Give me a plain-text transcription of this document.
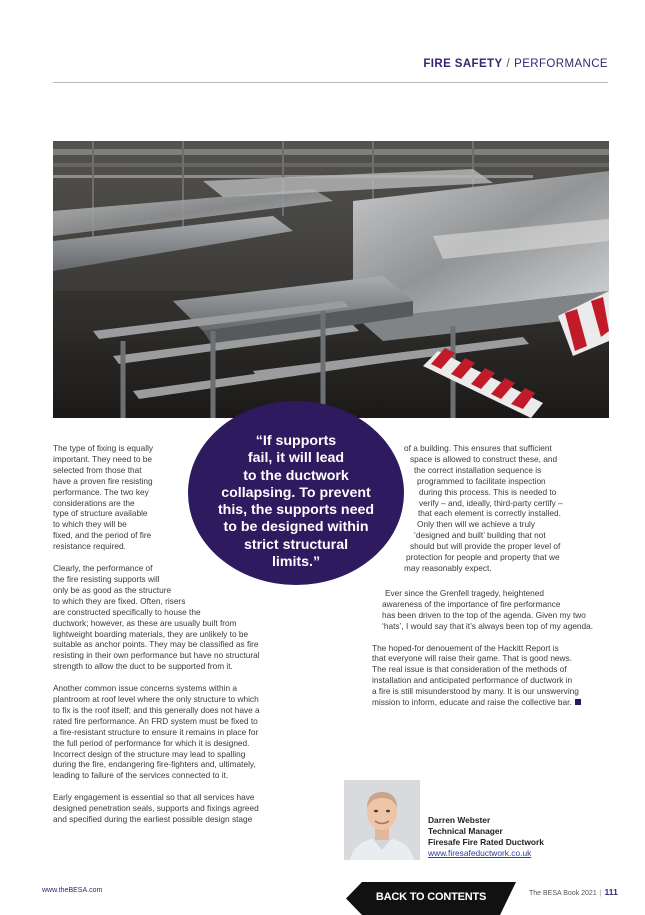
FIRE SAFETY / PERFORMANCE

The type of fixing is equally
important. They need to be
selected from those that
have a proven fire resisting
performance. The two key
considerations are the
type of structure available
to which they will be
fixed, and the period of fire
resistance required.

Clearly, the performance of
the fire resisting supports will
only be as good as the structure
to which they are fixed. Often, risers
are constructed specifically to house the
ductwork; however, as these are usually built from
lightweight boarding materials, they are unlikely to be
suitable as anchor points. They may be classified as fire
resisting in their own performance but have no structural
strength to allow the duct to be supported from it.

Another common issue concerns systems within a
plantroom at roof level where the only structure to which
to fix is the roof itself; and this generally does not have a
rated fire performance. An FRD system must be fixed to
a fire-resistant structure to ensure it remains in place for
the full period of performance for which it is designed.
Incorrect design of the structure may lead to spalling
during the fire, endangering fire-fighters and, ultimately,
leading to failure of the services connected to it.

Early engagement is essential so that all services have
designed penetration seals, supports and fixings agreed
and specified during the earliest possible design stage

of a building. This ensures that sufficient
space is allowed to construct these, and
the correct installation sequence is
programmed to facilitate inspection
during this process. This is needed to
verify – and, ideally, third-party certify –
that each element is correctly installed.
Only then will we achieve a truly
‘designed and built’ building that not
should but will provide the proper level of
protection for people and property that we
may reasonably expect.

Ever since the Grenfell tragedy, heightened
awareness of the importance of fire performance
has been driven to the top of the agenda. Given my two
‘hats’, I would say that it’s always been top of my agenda.

The hoped-for denouement of the Hackitt Report is
that everyone will raise their game. That is good news.
The real issue is that consideration of the methods of
installation and anticipated performance of ductwork in
a fire is still misunderstood by many. It is our unswerving
mission to inform, educate and raise the collective bar.

“If supports
fail, it will lead
to the ductwork
collapsing. To prevent
this, the supports need
to be designed within
strict structural
limits.”
Darren Webster
Technical Manager
Firesafe Fire Rated Ductwork
www.firesafeductwork.co.uk
www.theBESA.com
BACK TO CONTENTS	The BESA Book 2021 | 111
